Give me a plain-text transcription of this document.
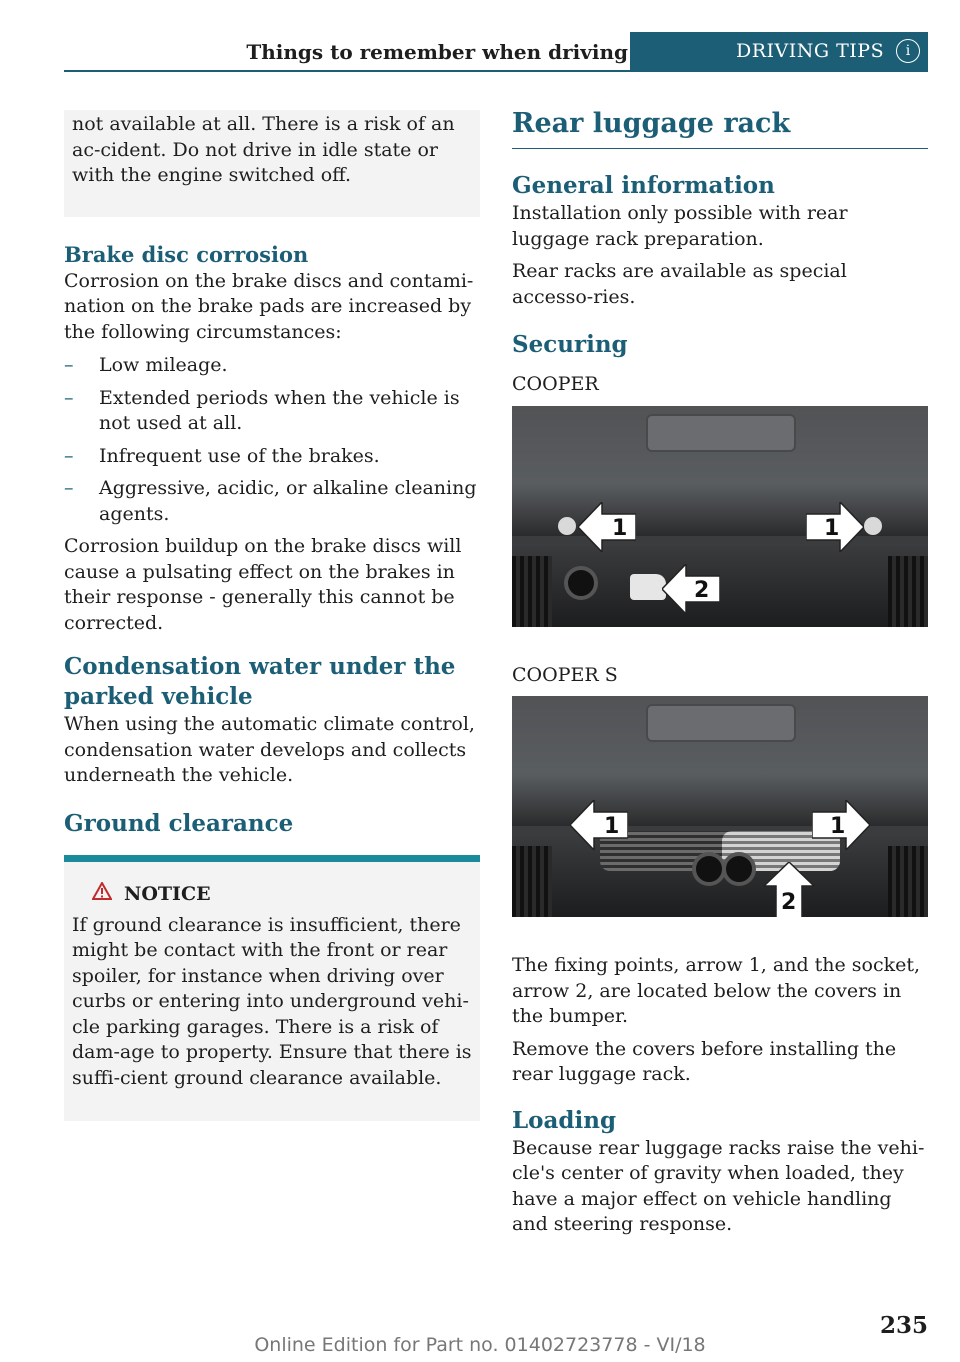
Things to remember when driving	DRIVING TIPS	i

not available at all. There is a risk of an ac-cident. Do not drive in idle state or with the engine switched off.

Brake disc corrosion

Corrosion on the brake discs and contami-nation on the brake pads are increased by the following circumstances:

–	Low mileage.
–	Extended periods when the vehicle is not used at all.
–	Infrequent use of the brakes.
–	Aggressive, acidic, or alkaline cleaning agents.

Corrosion buildup on the brake discs will cause a pulsating effect on the brakes in their response - generally this cannot be corrected.

Condensation water under the parked vehicle

When using the automatic climate control, condensation water develops and collects underneath the vehicle.

Ground clearance
NOTICE

If ground clearance is insufficient, there might be contact with the front or rear spoiler, for instance when driving over curbs or entering into underground vehi-cle parking garages. There is a risk of dam-age to property. Ensure that there is suffi-cient ground clearance available.

Rear luggage rack
General information

Installation only possible with rear luggage rack preparation.

Rear racks are available as special accesso-ries.

Securing

COOPER

1	1
2

COOPER S

1	1
2

The fixing points, arrow 1, and the socket, arrow 2, are located below the covers in the bumper.

Remove the covers before installing the rear luggage rack.

Loading

Because rear luggage racks raise the vehi-cle's center of gravity when loaded, they have a major effect on vehicle handling and steering response.

235
Online Edition for Part no. 01402723778 - VI/18
